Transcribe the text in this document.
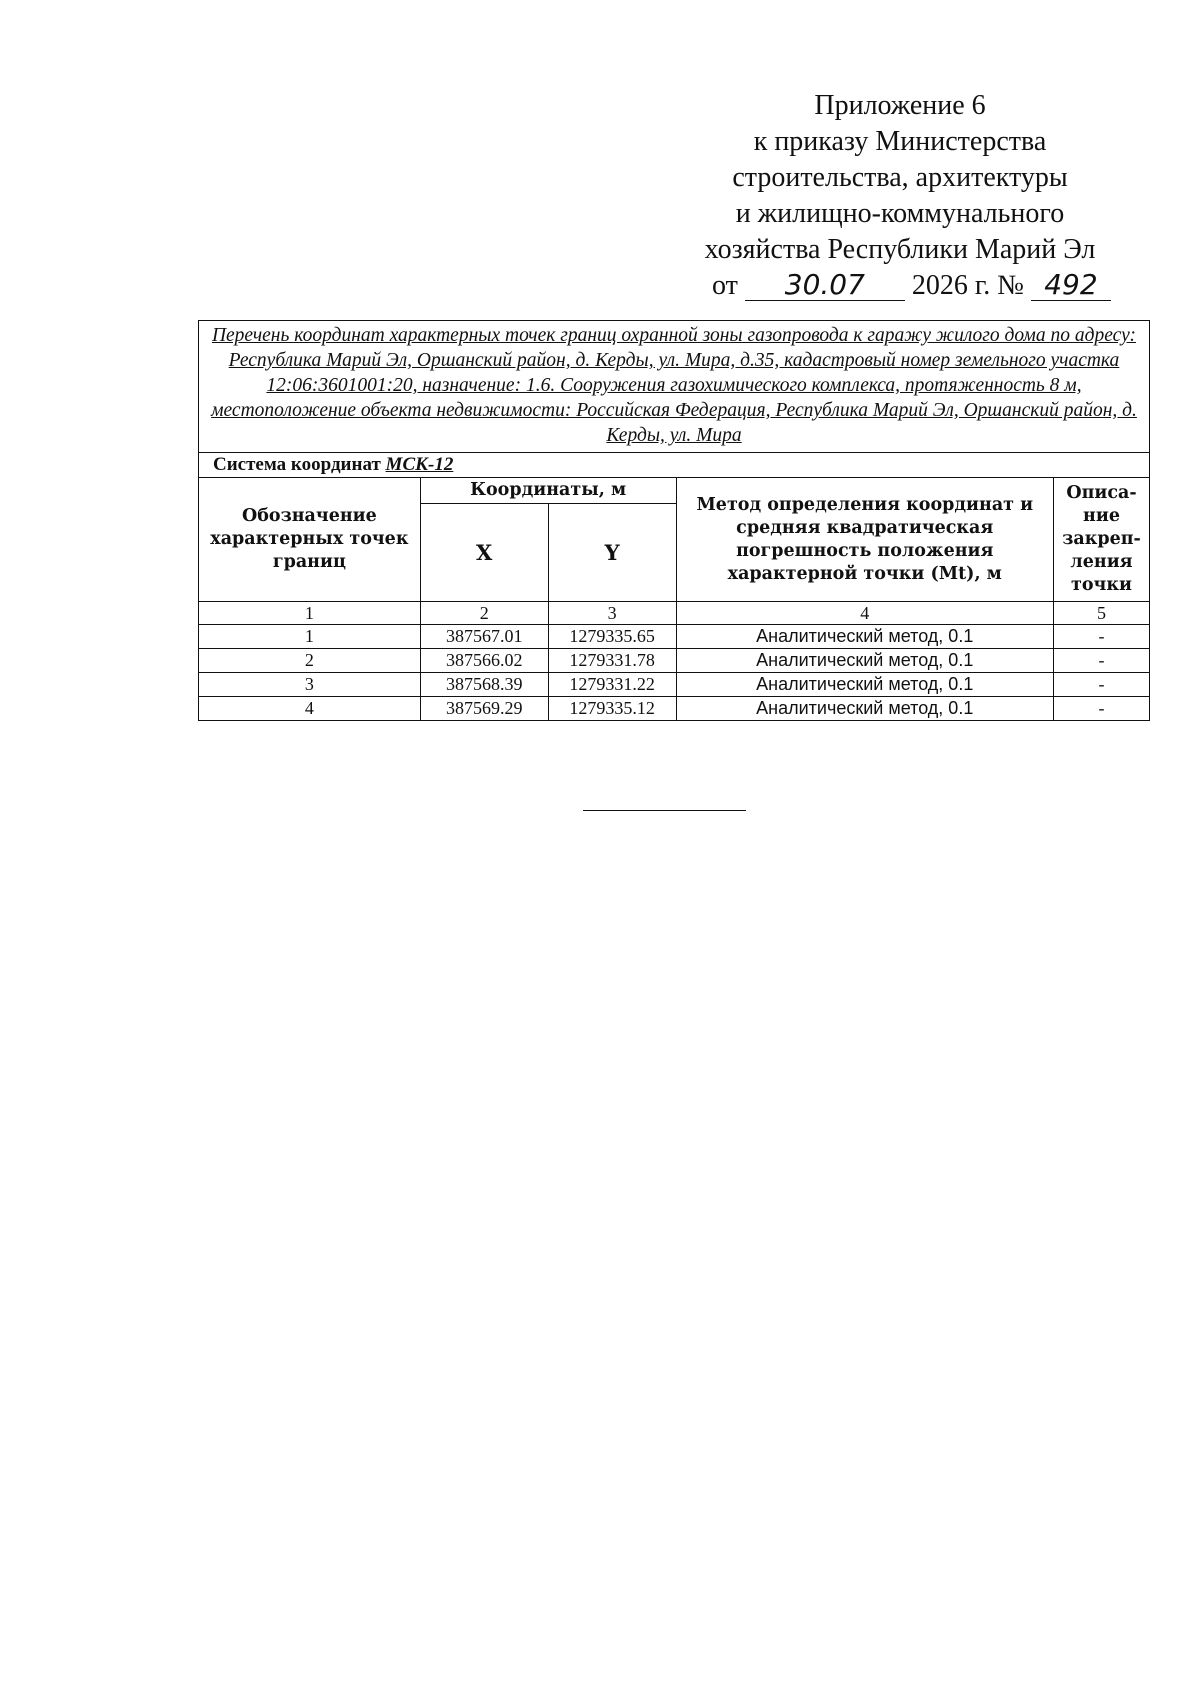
Приложение 6
к приказу Министерства
строительства, архитектуры
и жилищно-коммунального
хозяйства Республики Марий Эл
от 30.07 2026 г. № 492
Перечень координат характерных точек границ охранной зоны газопровода к гаражу жилого дома по адресу: Республика Марий Эл, Оршанский район, д. Керды, ул. Мира, д.35, кадастровый номер земельного участка 12:06:3601001:20, назначение: 1.6. Сооружения газохимического комплекса, протяженность 8 м, местоположение объекта недвижимости: Российская Федерация, Республика Марий Эл, Оршанский район, д. Керды, ул. Мира				
Система координат МСК-12				
Обозначение характерных точек границ	Координаты, м		Метод определения координат и средняя квадратическая погрешность положения характерной точки (Mt), м	Описа-ние закреп-ления точки
	X	Y		
1	2	3	4	5
1	387567.01	1279335.65	Аналитический метод, 0.1	-
2	387566.02	1279331.78	Аналитический метод, 0.1	-
3	387568.39	1279331.22	Аналитический метод, 0.1	-
4	387569.29	1279335.12	Аналитический метод, 0.1	-
